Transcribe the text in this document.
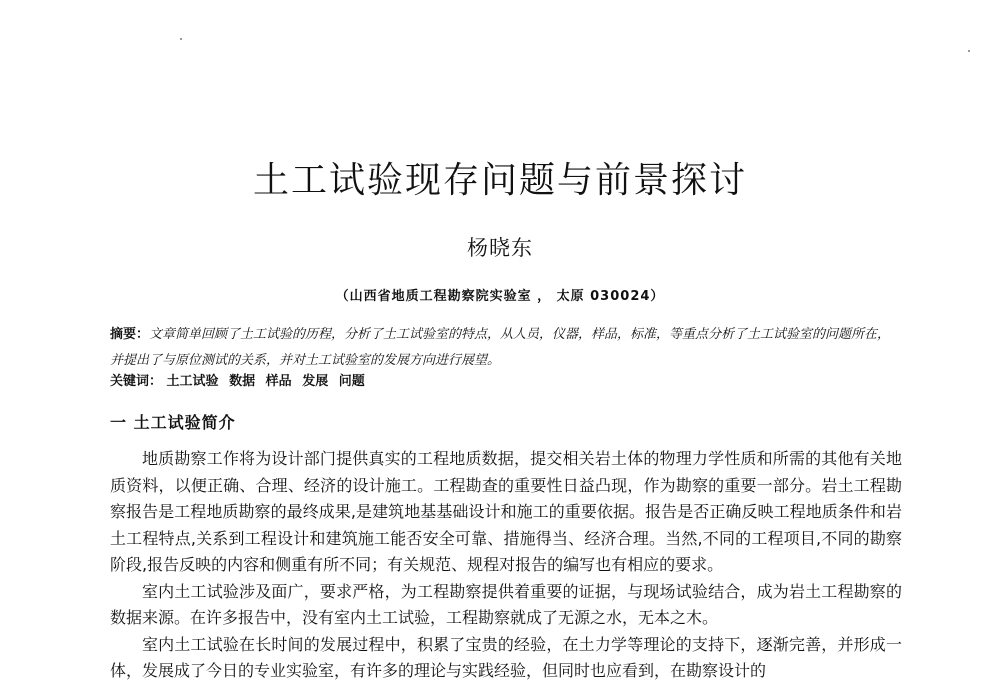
土工试验现存问题与前景探讨
杨晓东
（山西省地质工程勘察院实验室 ， 太原 030024）
摘要：文章简单回顾了土工试验的历程，分析了土工试验室的特点，从人员，仪器，样品，标准，等重点分析了土工试验室的问题所在，并提出了与原位测试的关系，并对土工试验室的发展方向进行展望。
关键词： 土工试验 数据 样品 发展 问题
一 土工试验简介

地质勘察工作将为设计部门提供真实的工程地质数据，提交相关岩土体的物理力学性质和所需的其他有关地质资料，以便正确、合理、经济的设计施工。工程勘查的重要性日益凸现，作为勘察的重要一部分。岩土工程勘察报告是工程地质勘察的最终成果,是建筑地基基础设计和施工的重要依据。报告是否正确反映工程地质条件和岩土工程特点,关系到工程设计和建筑施工能否安全可靠、措施得当、经济合理。当然,不同的工程项目,不同的勘察阶段,报告反映的内容和侧重有所不同；有关规范、规程对报告的编写也有相应的要求。

室内土工试验涉及面广，要求严格，为工程勘察提供着重要的证据，与现场试验结合，成为岩土工程勘察的数据来源。在许多报告中，没有室内土工试验，工程勘察就成了无源之水，无本之木。

室内土工试验在长时间的发展过程中，积累了宝贵的经验，在土力学等理论的支持下，逐渐完善，并形成一体，发展成了今日的专业实验室，有许多的理论与实践经验，但同时也应看到，在勘察设计的
